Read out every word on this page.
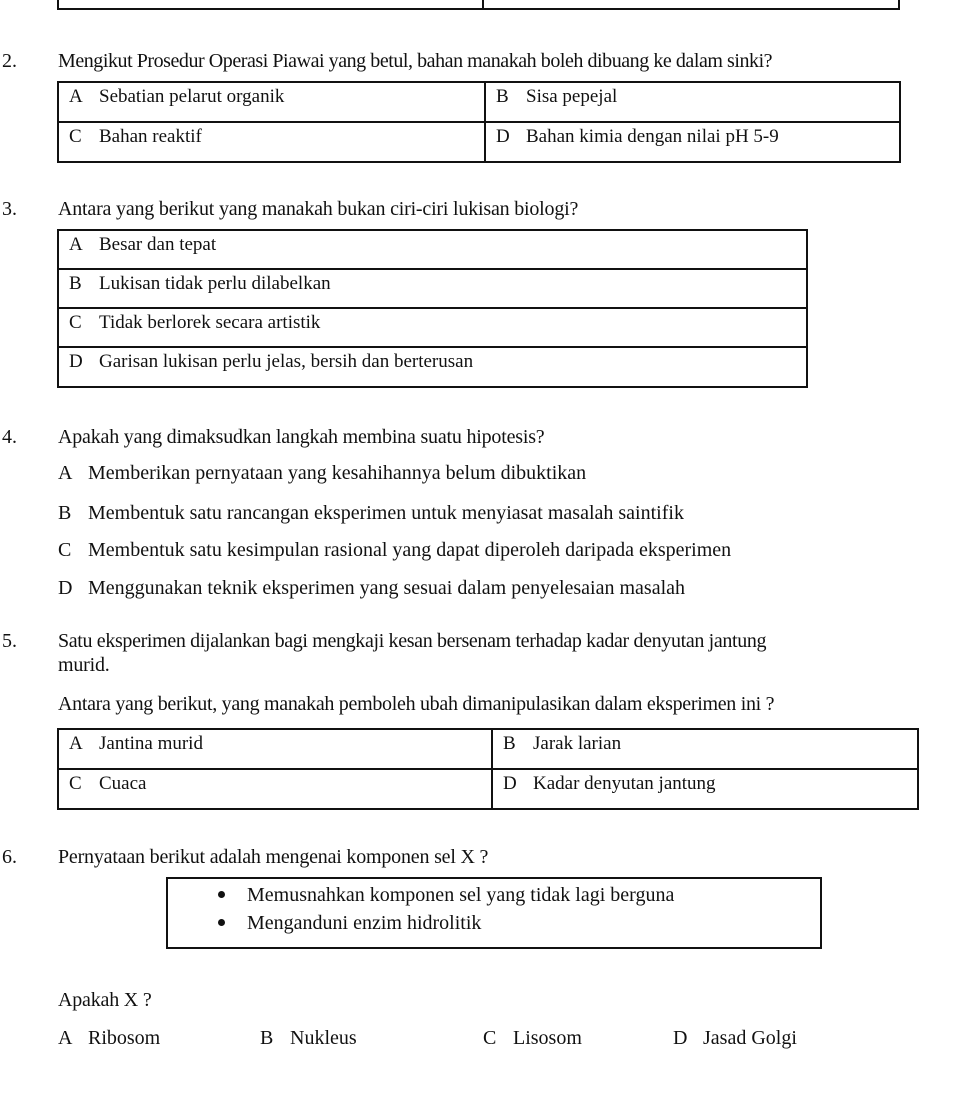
2. Mengikut Prosedur Operasi Piawai yang betul, bahan manakah boleh dibuang ke dalam sinki?
A Sebatian pelarut organik	B Sisa pepejal
C Bahan reaktif	D Bahan kimia dengan nilai pH 5-9
3. Antara yang berikut yang manakah bukan ciri-ciri lukisan biologi?
A Besar dan tepat
B Lukisan tidak perlu dilabelkan
C Tidak berlorek secara artistik
D Garisan lukisan perlu jelas, bersih dan berterusan
4. Apakah yang dimaksudkan langkah membina suatu hipotesis?
A Memberikan pernyataan yang kesahihannya belum dibuktikan
B Membentuk satu rancangan eksperimen untuk menyiasat masalah saintifik
C Membentuk satu kesimpulan rasional yang dapat diperoleh daripada eksperimen
D Menggunakan teknik eksperimen yang sesuai dalam penyelesaian masalah
5. Satu eksperimen dijalankan bagi mengkaji kesan bersenam terhadap kadar denyutan jantung
murid.
Antara yang berikut, yang manakah pemboleh ubah dimanipulasikan dalam eksperimen ini ?
A Jantina murid	B Jarak larian
C Cuaca	D Kadar denyutan jantung
6. Pernyataan berikut adalah mengenai komponen sel X ?
Memusnahkan komponen sel yang tidak lagi berguna
Menganduni enzim hidrolitik
Apakah X ?
A Ribosom	B Nukleus	C Lisosom	D Jasad Golgi
